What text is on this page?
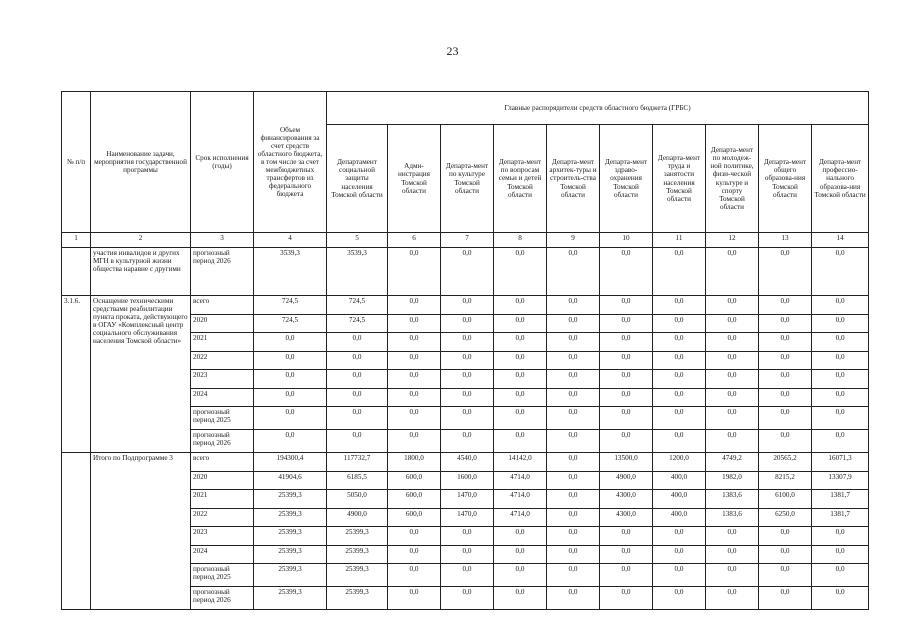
23
№ п/п	Наименование задачи, мероприятия государственной программы	Срок исполнения (годы)	Объем финансирования за счет средств областного бюджета, в том числе за счет межбюджетных трансфертов из федерального бюджета	Главные распорядители средств областного бюджета (ГРБС)									
				Департамент социальной защиты населения Томской области	Адми-нистрация Томской области	Департа-мент по культуре Томской области	Департа-мент по вопросам семьи и детей Томской области	Департа-мент архитек-туры и строитель-ства Томской области	Департа-мент здраво-охранения Томской области	Департа-мент труда и занятости населения Томской области	Департа-мент по молодеж-ной политике, физи-ческой культуре и спорту Томской области	Департа-мент общего образова-ния Томской области	Департа-мент профессио-нального образова-ния Томской области
1	2	3	4	5	6	7	8	9	10	11	12	13	14
	участия инвалидов и других МГН в культурной жизни общества наравне с другими	прогнозный период 2026	3539,3	3539,3	0,0	0,0	0,0	0,0	0,0	0,0	0,0	0,0	0,0
3.1.6.	Оснащение техническими средствами реабилитации пункта проката, действующего в ОГАУ «Комплексный центр социального обслуживания населения Томской области»	всего	724,5	724,5	0,0	0,0	0,0	0,0	0,0	0,0	0,0	0,0	0,0
		2020	724,5	724,5	0,0	0,0	0,0	0,0	0,0	0,0	0,0	0,0	0,0
		2021	0,0	0,0	0,0	0,0	0,0	0,0	0,0	0,0	0,0	0,0	0,0
		2022	0,0	0,0	0,0	0,0	0,0	0,0	0,0	0,0	0,0	0,0	0,0
		2023	0,0	0,0	0,0	0,0	0,0	0,0	0,0	0,0	0,0	0,0	0,0
		2024	0,0	0,0	0,0	0,0	0,0	0,0	0,0	0,0	0,0	0,0	0,0
		прогнозный период 2025	0,0	0,0	0,0	0,0	0,0	0,0	0,0	0,0	0,0	0,0	0,0
		прогнозный период 2026	0,0	0,0	0,0	0,0	0,0	0,0	0,0	0,0	0,0	0,0	0,0
	Итого по Подпрограмме 3	всего	194300,4	117732,7	1800,0	4540,0	14142,0	0,0	13500,0	1200,0	4749,2	20565,2	16071,3
		2020	41904,6	6185,5	600,0	1600,0	4714,0	0,0	4900,0	400,0	1982,0	8215,2	13307,9
		2021	25399,3	5050,0	600,0	1470,0	4714,0	0,0	4300,0	400,0	1383,6	6100,0	1381,7
		2022	25399,3	4900,0	600,0	1470,0	4714,0	0,0	4300,0	400,0	1383,6	6250,0	1381,7
		2023	25399,3	25399,3	0,0	0,0	0,0	0,0	0,0	0,0	0,0	0,0	0,0
		2024	25399,3	25399,3	0,0	0,0	0,0	0,0	0,0	0,0	0,0	0,0	0,0
		прогнозный период 2025	25399,3	25399,3	0,0	0,0	0,0	0,0	0,0	0,0	0,0	0,0	0,0
		прогнозный период 2026	25399,3	25399,3	0,0	0,0	0,0	0,0	0,0	0,0	0,0	0,0	0,0
